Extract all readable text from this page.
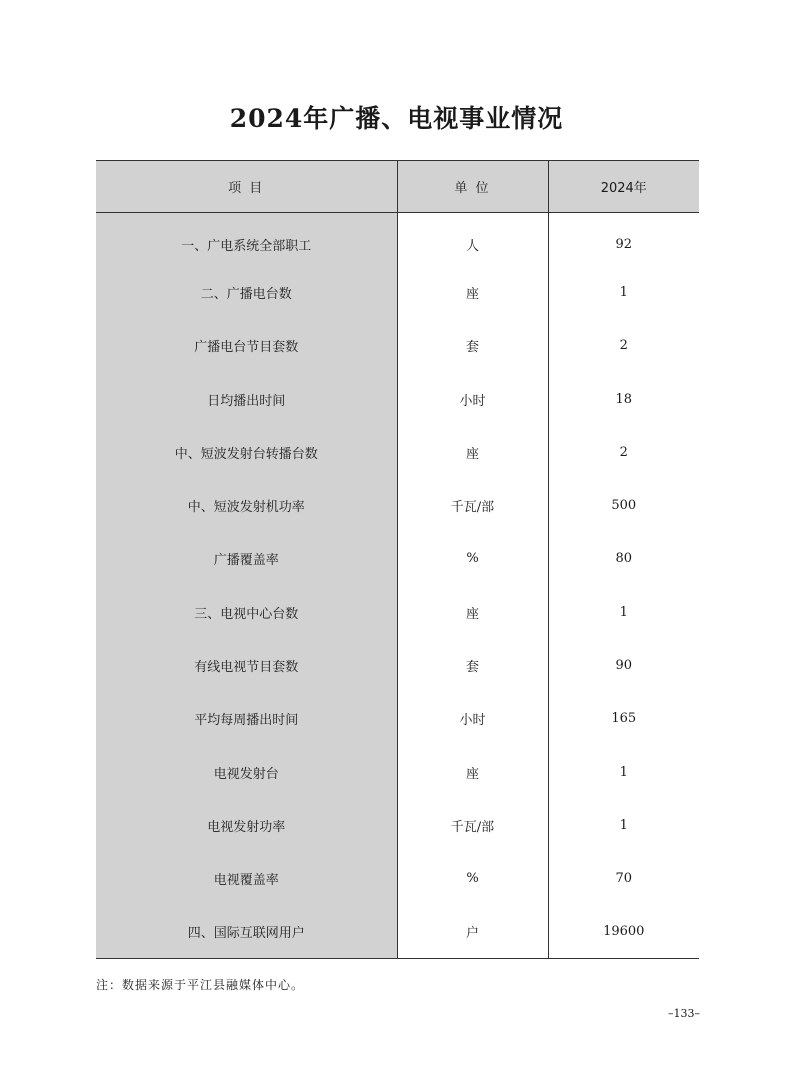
2024年广播、电视事业情况
项 目	单 位	2024年
一、广电系统全部职工	人	92
二、广播电台数	座	1
广播电台节目套数	套	2
日均播出时间	小时	18
中、短波发射台转播台数	座	2
中、短波发射机功率	千瓦/部	500
广播覆盖率	%	80
三、电视中心台数	座	1
有线电视节目套数	套	90
平均每周播出时间	小时	165
电视发射台	座	1
电视发射功率	千瓦/部	1
电视覆盖率	%	70
四、国际互联网用户	户	19600
注：数据来源于平江县融媒体中心。
–133–
